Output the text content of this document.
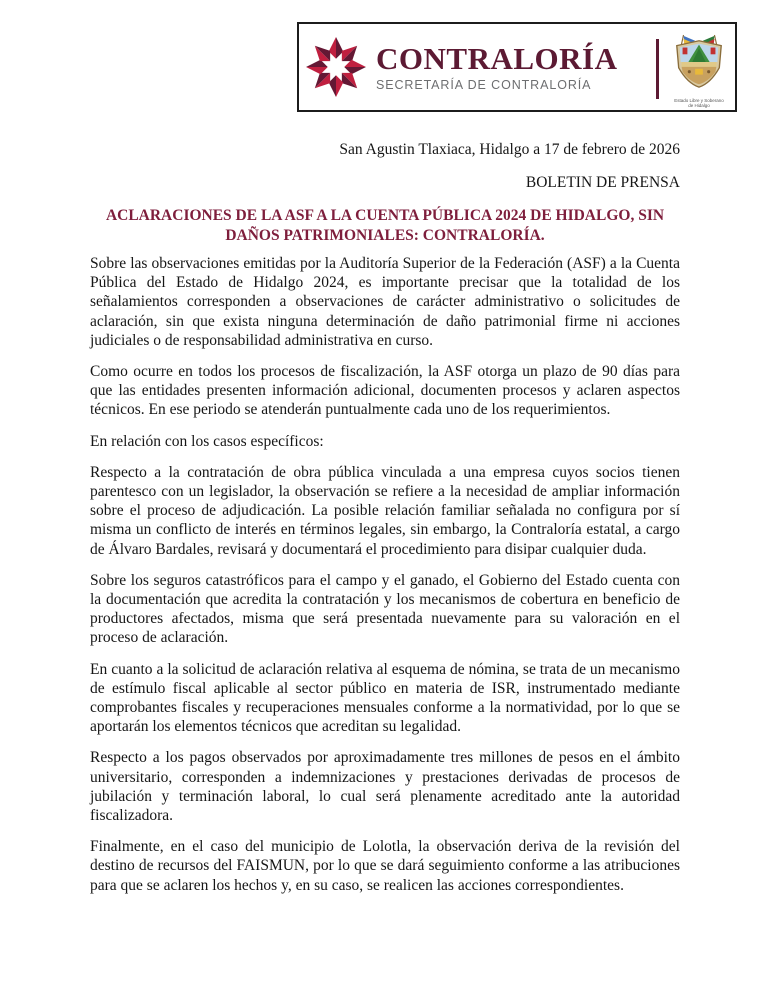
CONTRALORÍA
SECRETARÍA DE CONTRALORÍA
Estado Libre y Soberano
de Hidalgo

San Agustin Tlaxiaca, Hidalgo a 17 de febrero de 2026

BOLETIN DE PRENSA

ACLARACIONES DE LA ASF A LA CUENTA PÚBLICA 2024 DE HIDALGO, SIN
DAÑOS PATRIMONIALES: CONTRALORÍA.

Sobre las observaciones emitidas por la Auditoría Superior de la Federación (ASF) a la Cuenta Pública del Estado de Hidalgo 2024, es importante precisar que la totalidad de los señalamientos corresponden a observaciones de carácter administrativo o solicitudes de aclaración, sin que exista ninguna determinación de daño patrimonial firme ni acciones judiciales o de responsabilidad administrativa en curso.

Como ocurre en todos los procesos de fiscalización, la ASF otorga un plazo de 90 días para que las entidades presenten información adicional, documenten procesos y aclaren aspectos técnicos. En ese periodo se atenderán puntualmente cada uno de los requerimientos.

En relación con los casos específicos:

Respecto a la contratación de obra pública vinculada a una empresa cuyos socios tienen parentesco con un legislador, la observación se refiere a la necesidad de ampliar información sobre el proceso de adjudicación. La posible relación familiar señalada no configura por sí misma un conflicto de interés en términos legales, sin embargo, la Contraloría estatal, a cargo de Álvaro Bardales, revisará y documentará el procedimiento para disipar cualquier duda.

Sobre los seguros catastróficos para el campo y el ganado, el Gobierno del Estado cuenta con la documentación que acredita la contratación y los mecanismos de cobertura en beneficio de productores afectados, misma que será presentada nuevamente para su valoración en el proceso de aclaración.

En cuanto a la solicitud de aclaración relativa al esquema de nómina, se trata de un mecanismo de estímulo fiscal aplicable al sector público en materia de ISR, instrumentado mediante comprobantes fiscales y recuperaciones mensuales conforme a la normatividad, por lo que se aportarán los elementos técnicos que acreditan su legalidad.

Respecto a los pagos observados por aproximadamente tres millones de pesos en el ámbito universitario, corresponden a indemnizaciones y prestaciones derivadas de procesos de jubilación y terminación laboral, lo cual será plenamente acreditado ante la autoridad fiscalizadora.

Finalmente, en el caso del municipio de Lolotla, la observación deriva de la revisión del destino de recursos del FAISMUN, por lo que se dará seguimiento conforme a las atribuciones para que se aclaren los hechos y, en su caso, se realicen las acciones correspondientes.
